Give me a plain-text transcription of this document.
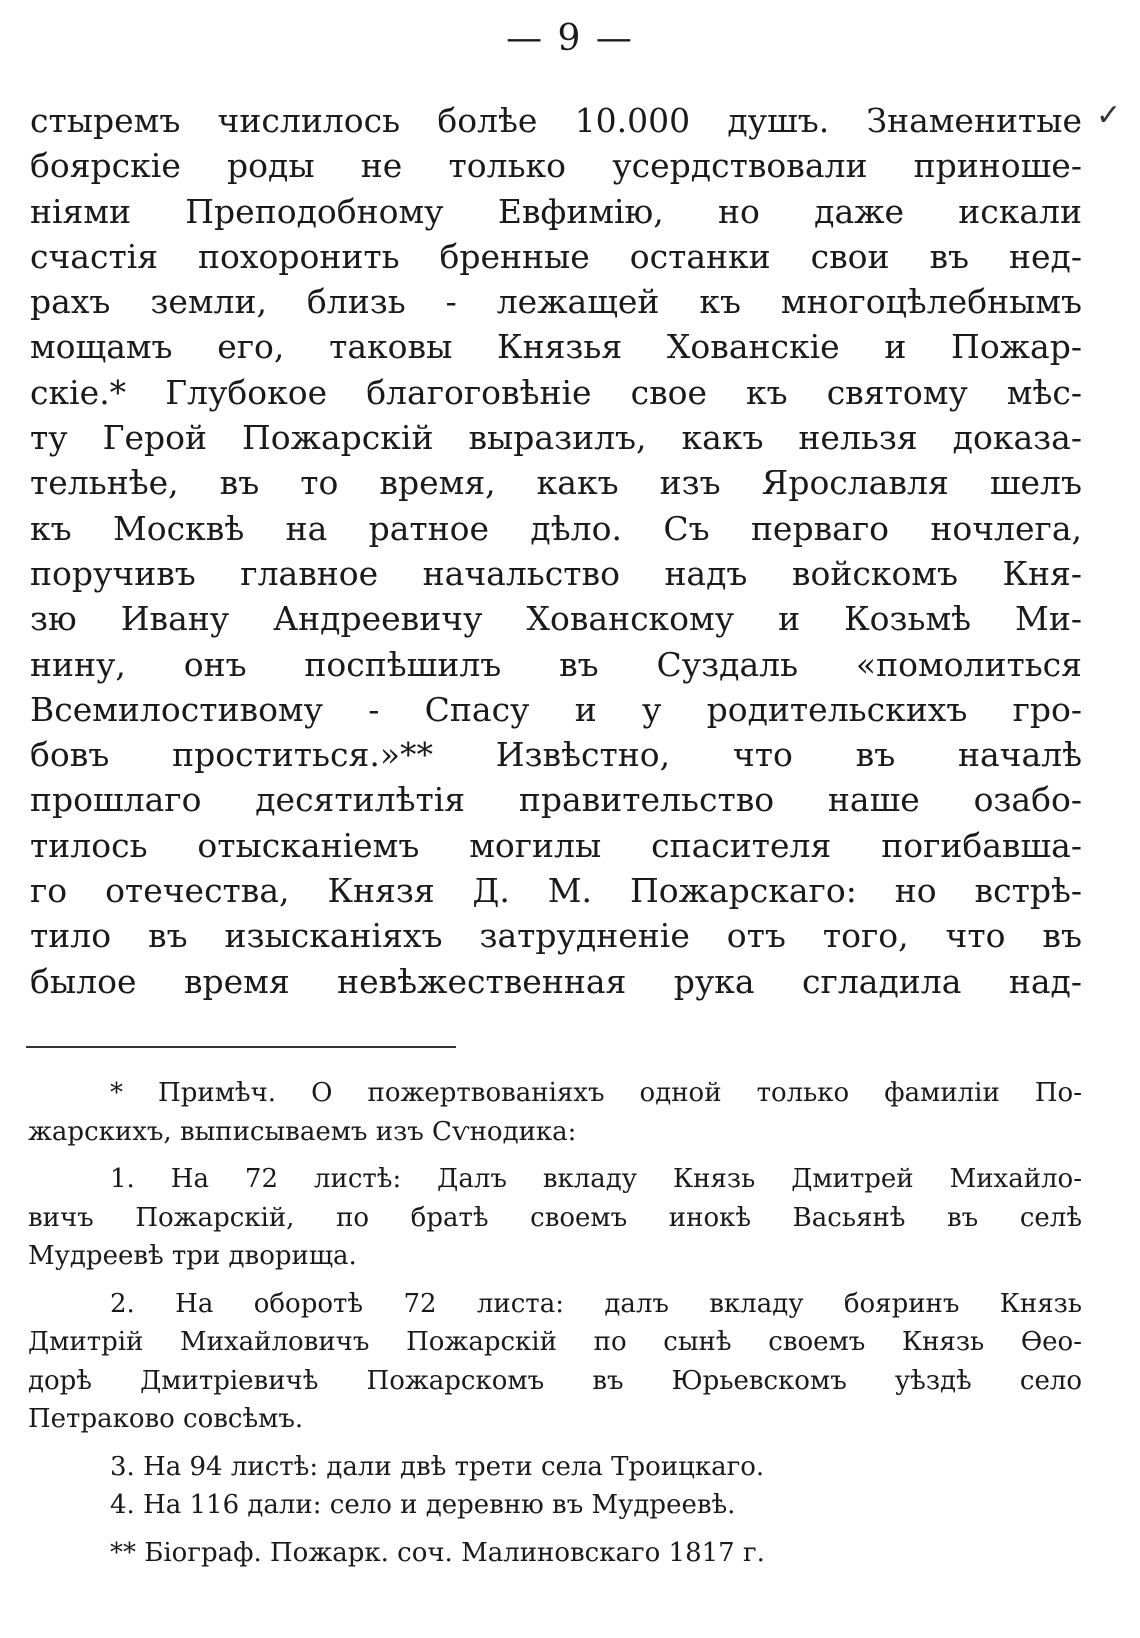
— 9 —
✓
стыремъ числилось болѣе 10.000 душъ. Знаменитые
боярскіе роды не только усердствовали приноше-
ніями Преподобному Евфимію, но даже искали
счастія похоронить бренные останки свои въ нед-
рахъ земли, близь - лежащей къ многоцѣлебнымъ
мощамъ его, таковы Князья Хованскіе и Пожар-
скіе.* Глубокое благоговѣніе свое къ святому мѣс-
ту Герой Пожарскій выразилъ, какъ нельзя доказа-
тельнѣе, въ то время, какъ изъ Ярославля шелъ
къ Москвѣ на ратное дѣло. Съ перваго ночлега,
поручивъ главное начальство надъ войскомъ Кня-
зю Ивану Андреевичу Хованскому и Козьмѣ Ми-
нину, онъ поспѣшилъ въ Суздаль «помолиться
Всемилостивому - Спасу и у родительскихъ гро-
бовъ проститься.»** Извѣстно, что въ началѣ
прошлаго десятилѣтія правительство наше озабо-
тилось отысканіемъ могилы спасителя погибавша-
го отечества, Князя Д. М. Пожарскаго: но встрѣ-
тило въ изысканіяхъ затрудненіе отъ того, что въ
былое время невѣжественная рука сгладила над-
* Примѣч. О пожертвованіяхъ одной только фамиліи По-
жарскихъ, выписываемъ изъ Сѵнодика:
1. На 72 листѣ: Далъ вкладу Князь Дмитрей Михайло-
вичъ Пожарскій, по братѣ своемъ инокѣ Васьянѣ въ селѣ
Мудреевѣ три дворища.
2. На оборотѣ 72 листа: далъ вкладу бояринъ Князь
Дмитрій Михайловичъ Пожарскій по сынѣ своемъ Князь Ѳео-
дорѣ Дмитріевичѣ Пожарскомъ въ Юрьевскомъ уѣздѣ село
Петраково совсѣмъ.
3. На 94 листѣ: дали двѣ трети села Троицкаго.
4. На 116 дали: село и деревню въ Мудреевѣ.
** Біограф. Пожарк. соч. Малиновскаго 1817 г.
